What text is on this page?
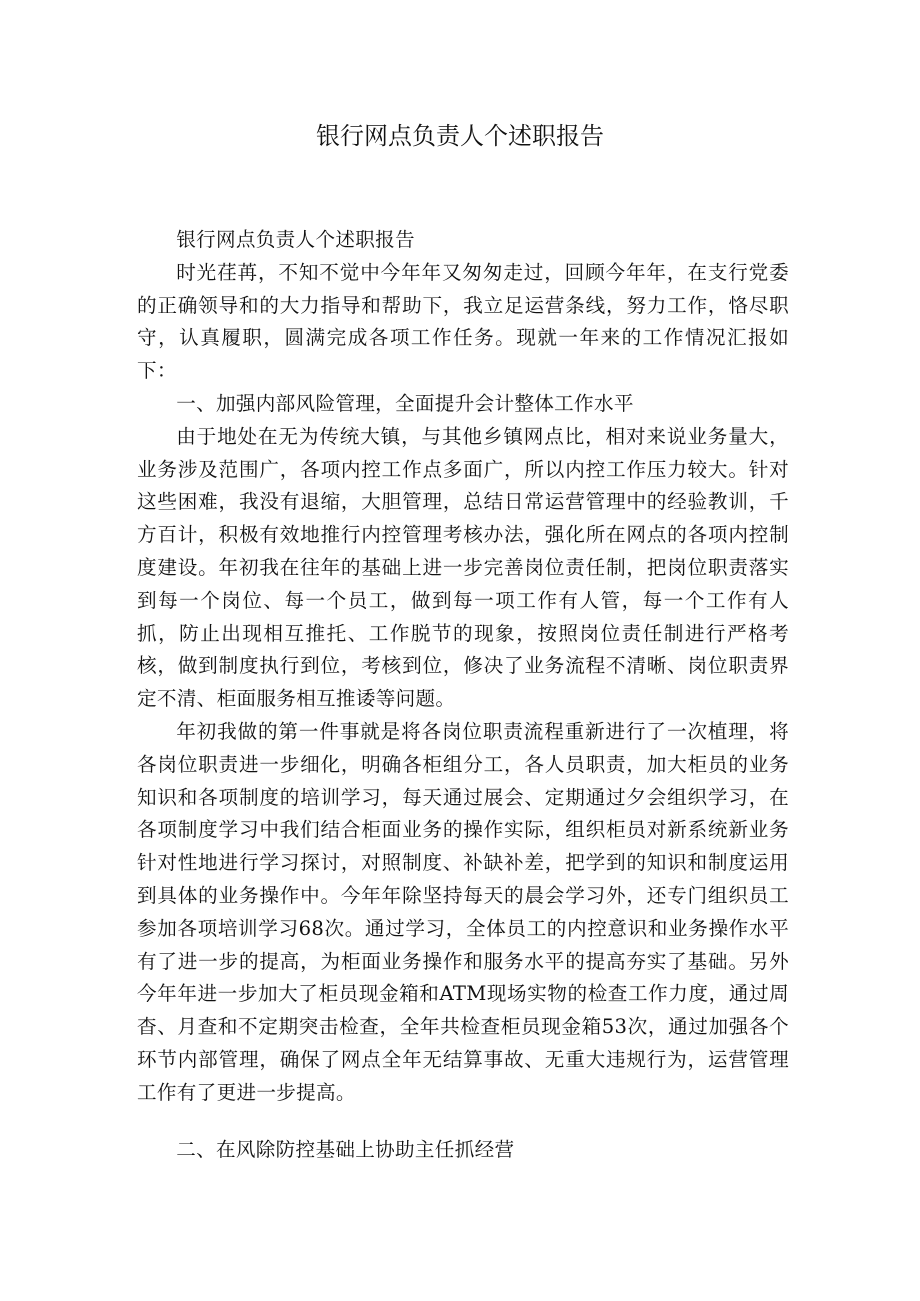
银行网点负责人个述职报告

银行网点负责人个述职报告

时光荏苒，不知不觉中今年年又匆匆走过，回顾今年年，在支行党委的正确领导和的大力指导和帮助下，我立足运营条线，努力工作，恪尽职守，认真履职，圆满完成各项工作任务。现就一年来的工作情况汇报如下：

一、加强内部风险管理，全面提升会计整体工作水平

由于地处在无为传统大镇，与其他乡镇网点比，相对来说业务量大，业务涉及范围广，各项内控工作点多面广，所以内控工作压力较大。针对这些困难，我没有退缩，大胆管理，总结日常运营管理中的经验教训，千方百计，积极有效地推行内控管理考核办法，强化所在网点的各项内控制度建设。年初我在往年的基础上进一步完善岗位责任制，把岗位职责落实到每一个岗位、每一个员工，做到每一项工作有人管，每一个工作有人抓，防止出现相互推托、工作脱节的现象，按照岗位责任制进行严格考核，做到制度执行到位，考核到位，修决了业务流程不清晰、岗位职责界定不清、柜面服务相互推诿等问题。

年初我做的第一件事就是将各岗位职责流程重新进行了一次植理，将各岗位职责进一步细化，明确各柜组分工，各人员职责，加大柜员的业务知识和各项制度的培训学习，每天通过展会、定期通过夕会组织学习，在各项制度学习中我们结合柜面业务的操作实际，组织柜员对新系统新业务针对性地进行学习探讨，对照制度、补缺补差，把学到的知识和制度运用到具体的业务操作中。今年年除坚持每天的晨会学习外，还专门组织员工参加各项培训学习68次。通过学习，全体员工的内控意识和业务操作水平有了进一步的提高，为柜面业务操作和服务水平的提高夯实了基础。另外今年年进一步加大了柜员现金箱和ATM现场实物的检查工作力度，通过周杳、月查和不定期突击检查，全年共检查柜员现金箱53次，通过加强各个环节内部管理，确保了网点全年无结算事故、无重大违规行为，运营管理工作有了更进一步提高。

二、在风除防控基础上协助主任抓经营
